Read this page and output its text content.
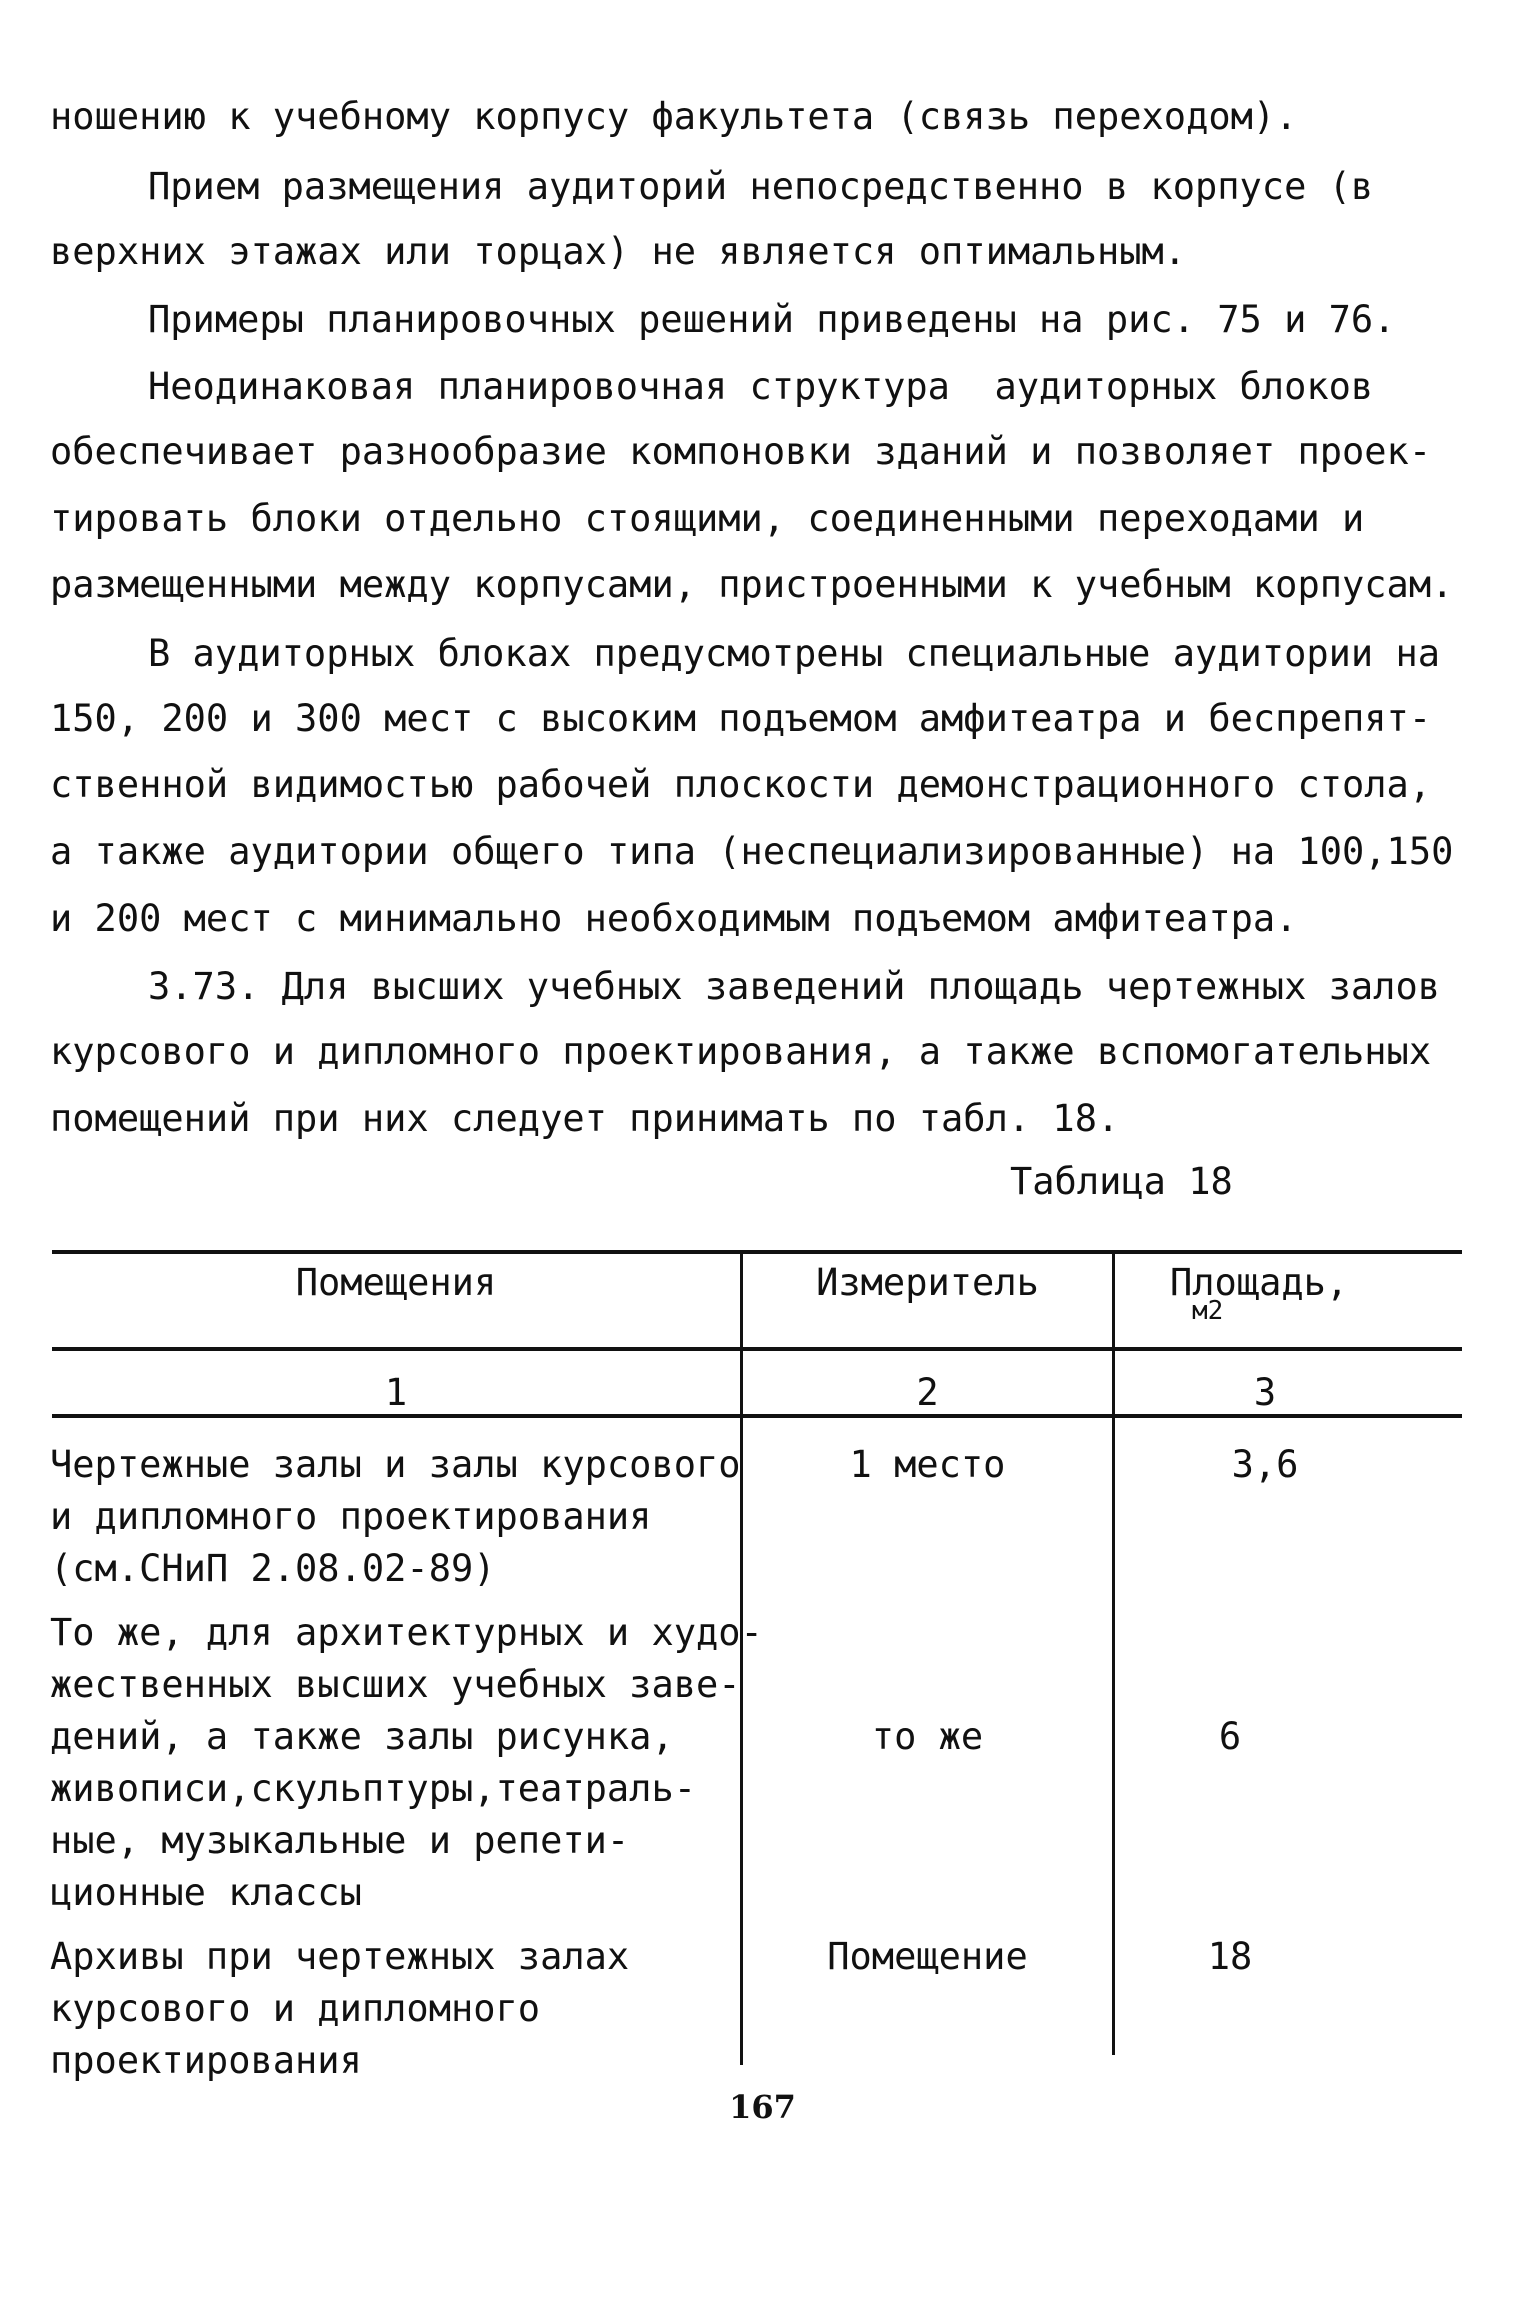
ношению к учебному корпусу факультета (связь переходом).
Прием размещения аудиторий непосредственно в корпусе (в
верхних этажах или торцах) не является оптимальным.
Примеры планировочных решений приведены на рис. 75 и 76.
Неодинаковая планировочная структура  аудиторных блоков
обеспечивает разнообразие компоновки зданий и позволяет проек-
тировать блоки отдельно стоящими, соединенными переходами и
размещенными между корпусами, пристроенными к учебным корпусам.
В аудиторных блоках предусмотрены специальные аудитории на
150, 200 и 300 мест с высоким подъемом амфитеатра и беспрепят-
ственной видимостью рабочей плоскости демонстрационного стола,
а также аудитории общего типа (неспециализированные) на 100,150
и 200 мест с минимально необходимым подъемом амфитеатра.
3.73. Для высших учебных заведений площадь чертежных залов
курсового и дипломного проектирования, а также вспомогательных
помещений при них следует принимать по табл. 18.
Таблица 18
Помещения	Измеритель	Площадь,
м2
1	2	3
Чертежные залы и залы курсового
и дипломного проектирования
(см.СНиП 2.08.02-89)
1 место	3,6
То же, для архитектурных и худо-
жественных высших учебных заве-
дений, а также залы рисунка,
живописи,скульптуры,театраль-
ные, музыкальные и репети-
ционные классы
то же	6
Архивы при чертежных залах
курсового и дипломного
проектирования
Помещение	18
167
